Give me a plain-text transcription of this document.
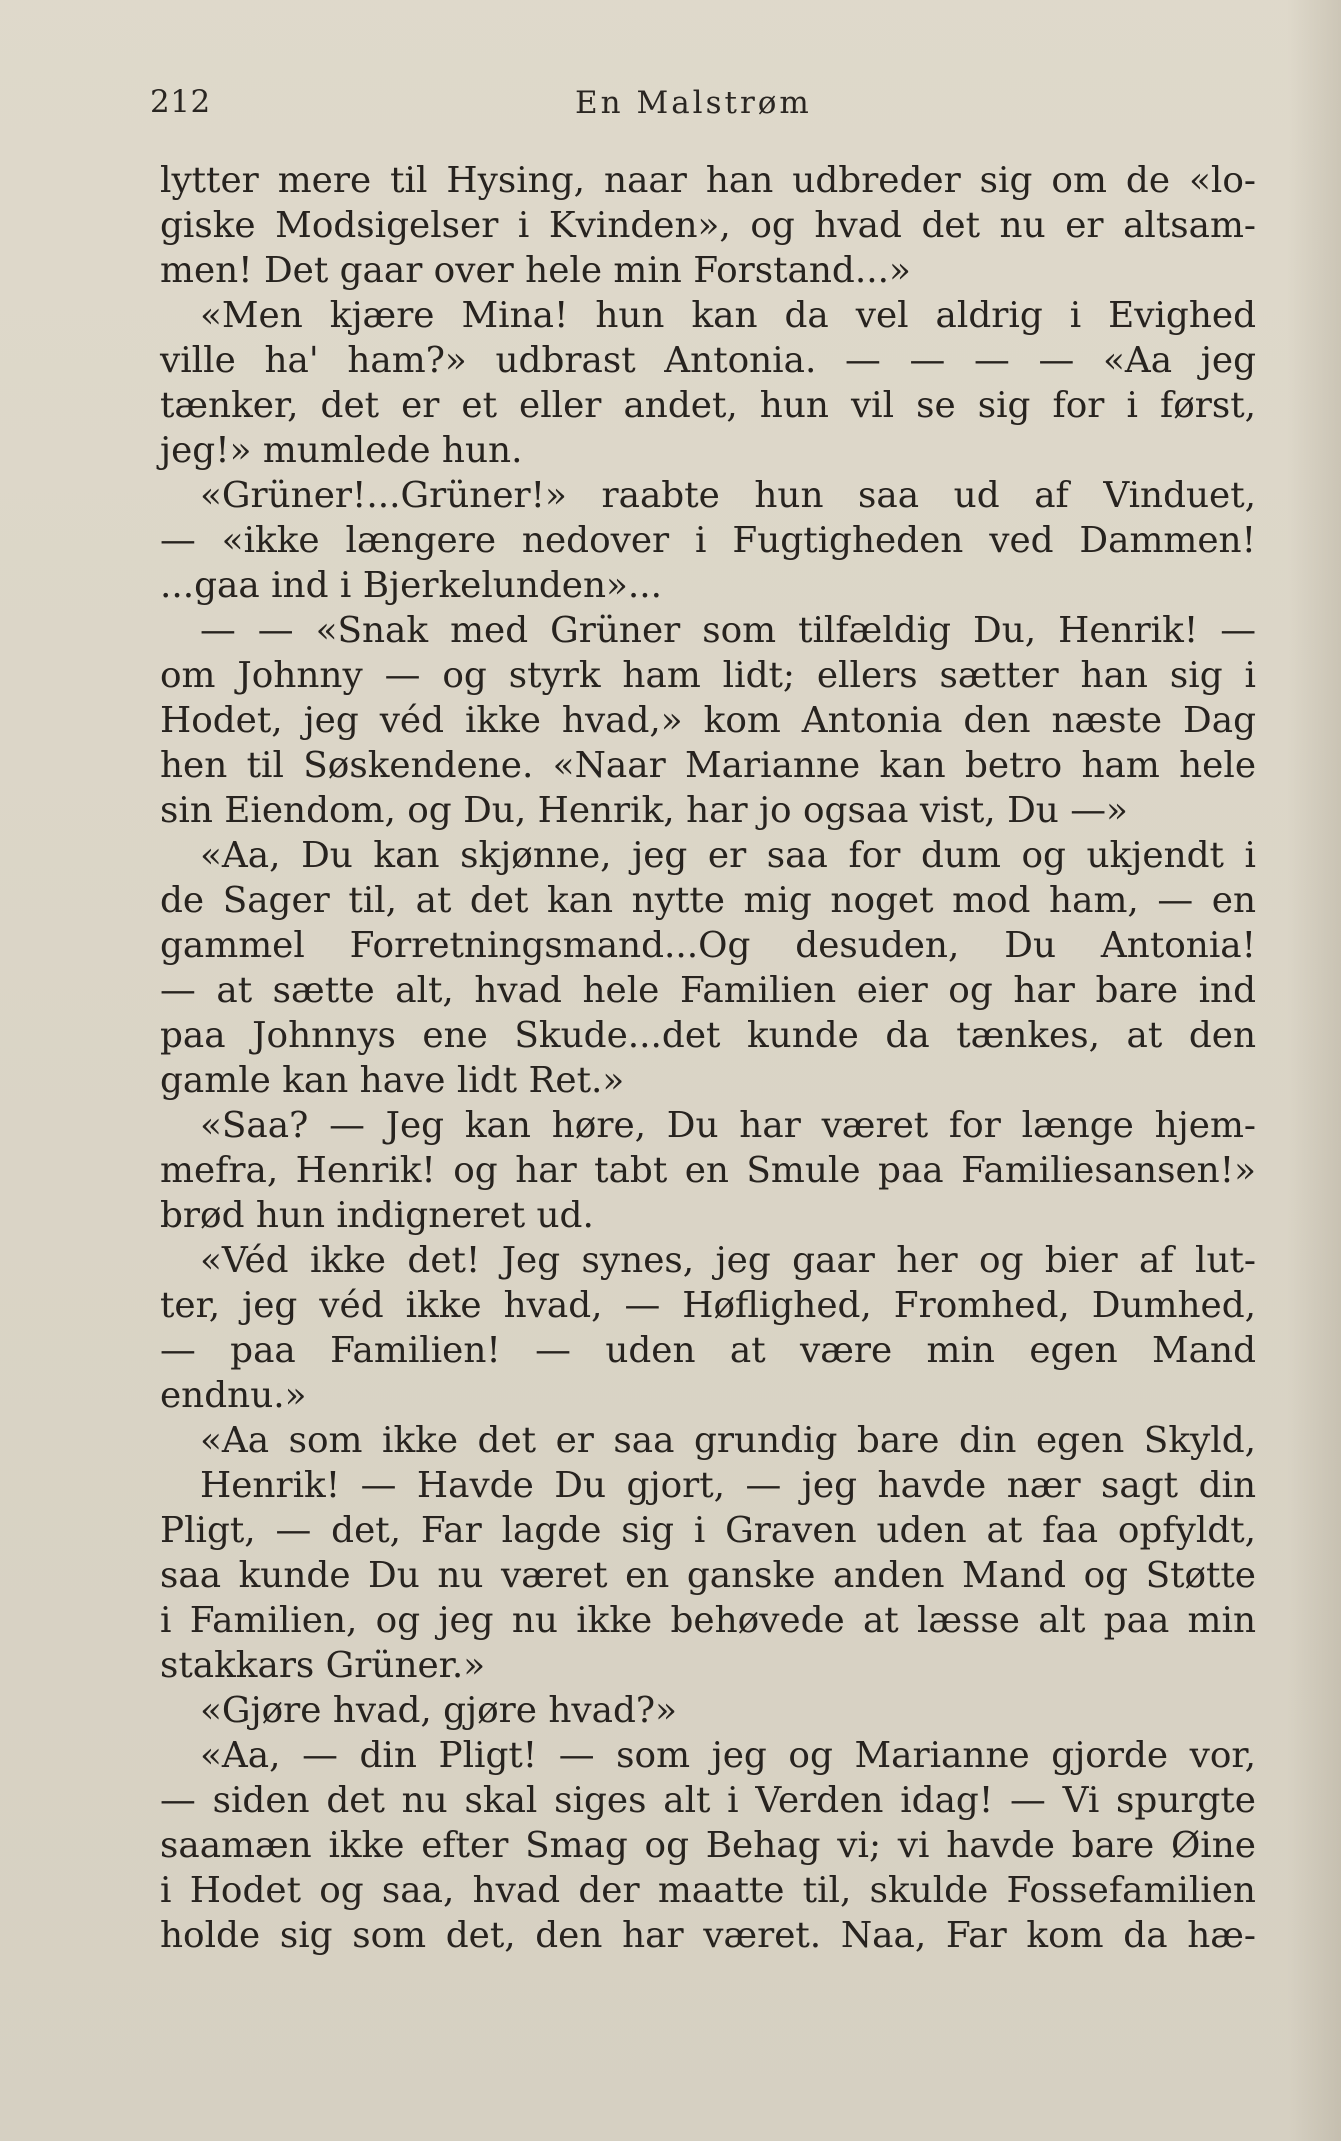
212	En Malstrøm
lytter mere til Hysing, naar han udbreder sig om de «lo-
giske Modsigelser i Kvinden», og hvad det nu er altsam-
men! Det gaar over hele min Forstand...»
«Men kjære Mina! hun kan da vel aldrig i Evighed
ville ha' ham?» udbrast Antonia. — — — — «Aa jeg
tænker, det er et eller andet, hun vil se sig for i først,
jeg!» mumlede hun.
«Grüner!...Grüner!» raabte hun saa ud af Vinduet,
— «ikke længere nedover i Fugtigheden ved Dammen!
...gaa ind i Bjerkelunden»...
— — «Snak med Grüner som tilfældig Du, Henrik! —
om Johnny — og styrk ham lidt; ellers sætter han sig i
Hodet, jeg véd ikke hvad,» kom Antonia den næste Dag
hen til Søskendene. «Naar Marianne kan betro ham hele
sin Eiendom, og Du, Henrik, har jo ogsaa vist, Du —»
«Aa, Du kan skjønne, jeg er saa for dum og ukjendt i
de Sager til, at det kan nytte mig noget mod ham, — en
gammel Forretningsmand...Og desuden, Du Antonia!
— at sætte alt, hvad hele Familien eier og har bare ind
paa Johnnys ene Skude...det kunde da tænkes, at den
gamle kan have lidt Ret.»
«Saa? — Jeg kan høre, Du har været for længe hjem-
mefra, Henrik! og har tabt en Smule paa Familiesansen!»
brød hun indigneret ud.
«Véd ikke det! Jeg synes, jeg gaar her og bier af lut-
ter, jeg véd ikke hvad, — Høflighed, Fromhed, Dumhed,
— paa Familien! — uden at være min egen Mand
endnu.»
«Aa som ikke det er saa grundig bare din egen Skyld,
Henrik! — Havde Du gjort, — jeg havde nær sagt din
Pligt, — det, Far lagde sig i Graven uden at faa opfyldt,
saa kunde Du nu været en ganske anden Mand og Støtte
i Familien, og jeg nu ikke behøvede at læsse alt paa min
stakkars Grüner.»
«Gjøre hvad, gjøre hvad?»
«Aa, — din Pligt! — som jeg og Marianne gjorde vor,
— siden det nu skal siges alt i Verden idag! — Vi spurgte
saamæn ikke efter Smag og Behag vi; vi havde bare Øine
i Hodet og saa, hvad der maatte til, skulde Fossefamilien
holde sig som det, den har været. Naa, Far kom da hæ-
